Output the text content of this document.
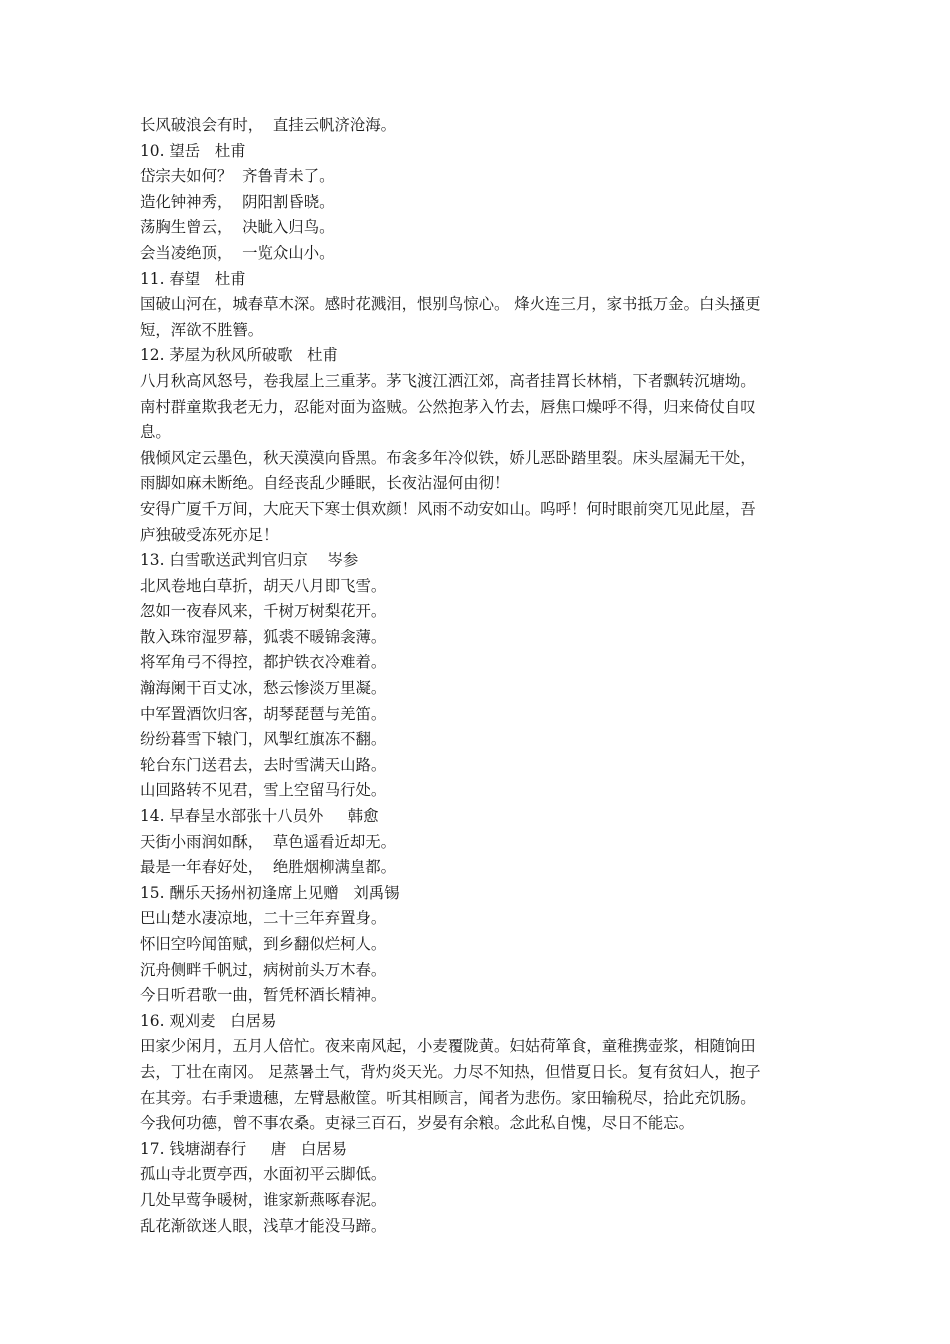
长风破浪会有时，  直挂云帆济沧海。

10. 望岳   杜甫

岱宗夫如何？  齐鲁青未了。

造化钟神秀，  阴阳割昏晓。

荡胸生曾云，  决眦入归鸟。

会当凌绝顶，  一览众山小。

11. 春望   杜甫

国破山河在，城春草木深。感时花溅泪，恨别鸟惊心。 烽火连三月，家书抵万金。白头搔更

短，浑欲不胜簪。

12. 茅屋为秋风所破歌   杜甫

八月秋高风怒号，卷我屋上三重茅。茅飞渡江洒江郊，高者挂罥长林梢，下者飘转沉塘坳。

南村群童欺我老无力，忍能对面为盗贼。公然抱茅入竹去，唇焦口燥呼不得，归来倚仗自叹

息。

俄倾风定云墨色，秋天漠漠向昏黑。布衾多年冷似铁，娇儿恶卧踏里裂。床头屋漏无干处，

雨脚如麻未断绝。自经丧乱少睡眠，长夜沾湿何由彻！

安得广厦千万间，大庇天下寒士俱欢颜！风雨不动安如山。呜呼！何时眼前突兀见此屋，吾

庐独破受冻死亦足！

13. 白雪歌送武判官归京    岑参

北风卷地白草折，胡天八月即飞雪。

忽如一夜春风来，千树万树梨花开。

散入珠帘湿罗幕，狐裘不暖锦衾薄。

将军角弓不得控，都护铁衣冷难着。

瀚海阑干百丈冰，愁云惨淡万里凝。

中军置酒饮归客，胡琴琵琶与羌笛。

纷纷暮雪下辕门，风掣红旗冻不翻。

轮台东门送君去，去时雪满天山路。

山回路转不见君，雪上空留马行处。

14. 早春呈水部张十八员外     韩愈

天街小雨润如酥，  草色遥看近却无。

最是一年春好处，  绝胜烟柳满皇都。

15. 酬乐天扬州初逢席上见赠   刘禹锡

巴山楚水凄凉地，二十三年弃置身。

怀旧空吟闻笛赋，到乡翻似烂柯人。

沉舟侧畔千帆过，病树前头万木春。

今日听君歌一曲，暂凭杯酒长精神。

16. 观刈麦   白居易

田家少闲月，五月人倍忙。夜来南风起，小麦覆陇黄。妇姑荷箪食，童稚携壶浆，相随饷田

去，丁壮在南冈。 足蒸暑土气，背灼炎天光。力尽不知热，但惜夏日长。复有贫妇人，抱子

在其旁。右手秉遗穗，左臂悬敝筐。听其相顾言，闻者为悲伤。家田输税尽，拾此充饥肠。

今我何功德，曾不事农桑。吏禄三百石，岁晏有余粮。念此私自愧，尽日不能忘。

17. 钱塘湖春行     唐   白居易

孤山寺北贾亭西，水面初平云脚低。

几处早莺争暖树，谁家新燕啄春泥。

乱花渐欲迷人眼，浅草才能没马蹄。
